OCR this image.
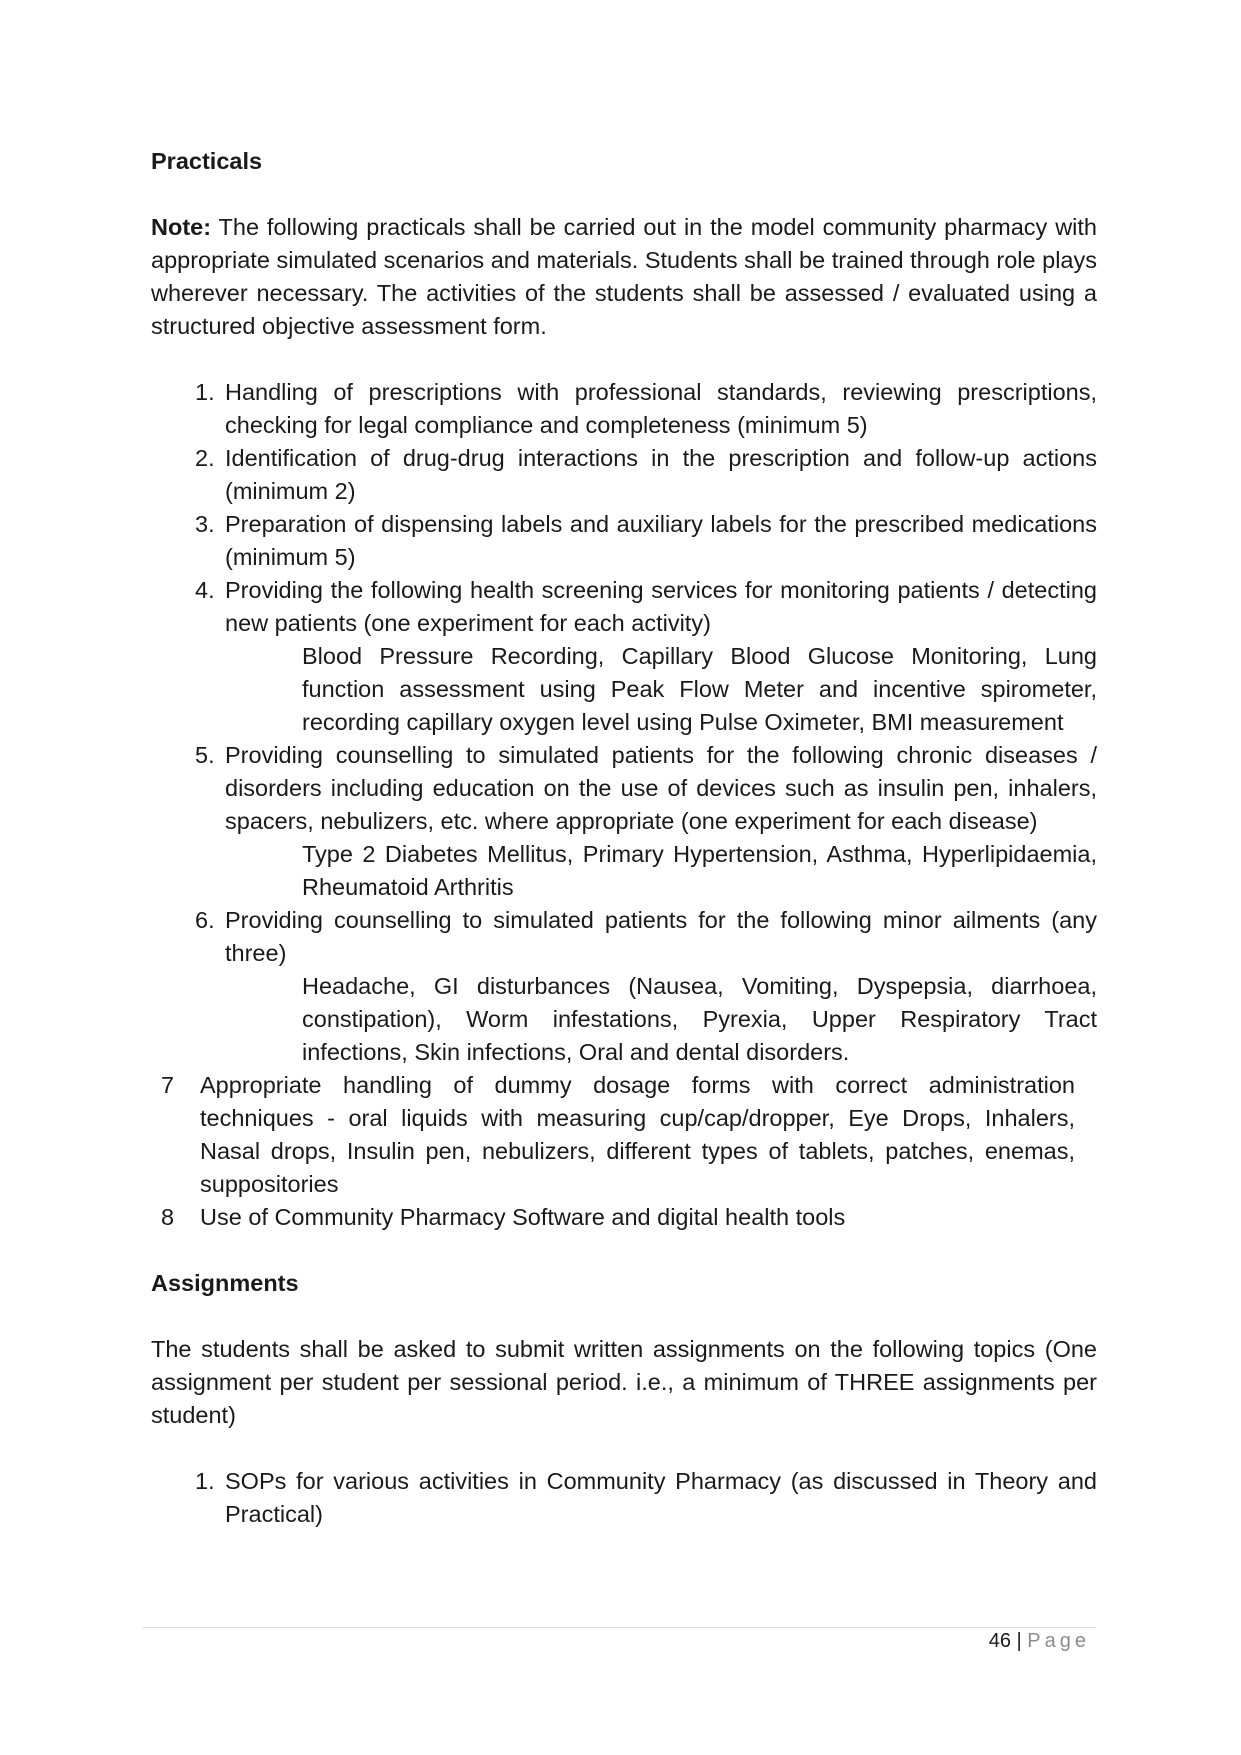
Practicals

Note: The following practicals shall be carried out in the model community pharmacy with appropriate simulated scenarios and materials. Students shall be trained through role plays wherever necessary. The activities of the students shall be assessed / evaluated using a structured objective assessment form.

1. Handling of prescriptions with professional standards, reviewing prescriptions, checking for legal compliance and completeness (minimum 5)
2. Identification of drug-drug interactions in the prescription and follow-up actions (minimum 2)
3. Preparation of dispensing labels and auxiliary labels for the prescribed medications (minimum 5)
4. Providing the following health screening services for monitoring patients / detecting new patients (one experiment for each activity)
Blood Pressure Recording, Capillary Blood Glucose Monitoring, Lung function assessment using Peak Flow Meter and incentive spirometer, recording capillary oxygen level using Pulse Oximeter, BMI measurement
5. Providing counselling to simulated patients for the following chronic diseases / disorders including education on the use of devices such as insulin pen, inhalers, spacers, nebulizers, etc. where appropriate (one experiment for each disease)
Type 2 Diabetes Mellitus, Primary Hypertension, Asthma, Hyperlipidaemia, Rheumatoid Arthritis
6. Providing counselling to simulated patients for the following minor ailments (any three)
Headache, GI disturbances (Nausea, Vomiting, Dyspepsia, diarrhoea, constipation), Worm infestations, Pyrexia, Upper Respiratory Tract infections, Skin infections, Oral and dental disorders.
7 Appropriate handling of dummy dosage forms with correct administration techniques - oral liquids with measuring cup/cap/dropper, Eye Drops, Inhalers, Nasal drops, Insulin pen, nebulizers, different types of tablets, patches, enemas, suppositories
8 Use of Community Pharmacy Software and digital health tools

Assignments

The students shall be asked to submit written assignments on the following topics (One assignment per student per sessional period. i.e., a minimum of THREE assignments per student)

1. SOPs for various activities in Community Pharmacy (as discussed in Theory and Practical)
46 | Page
